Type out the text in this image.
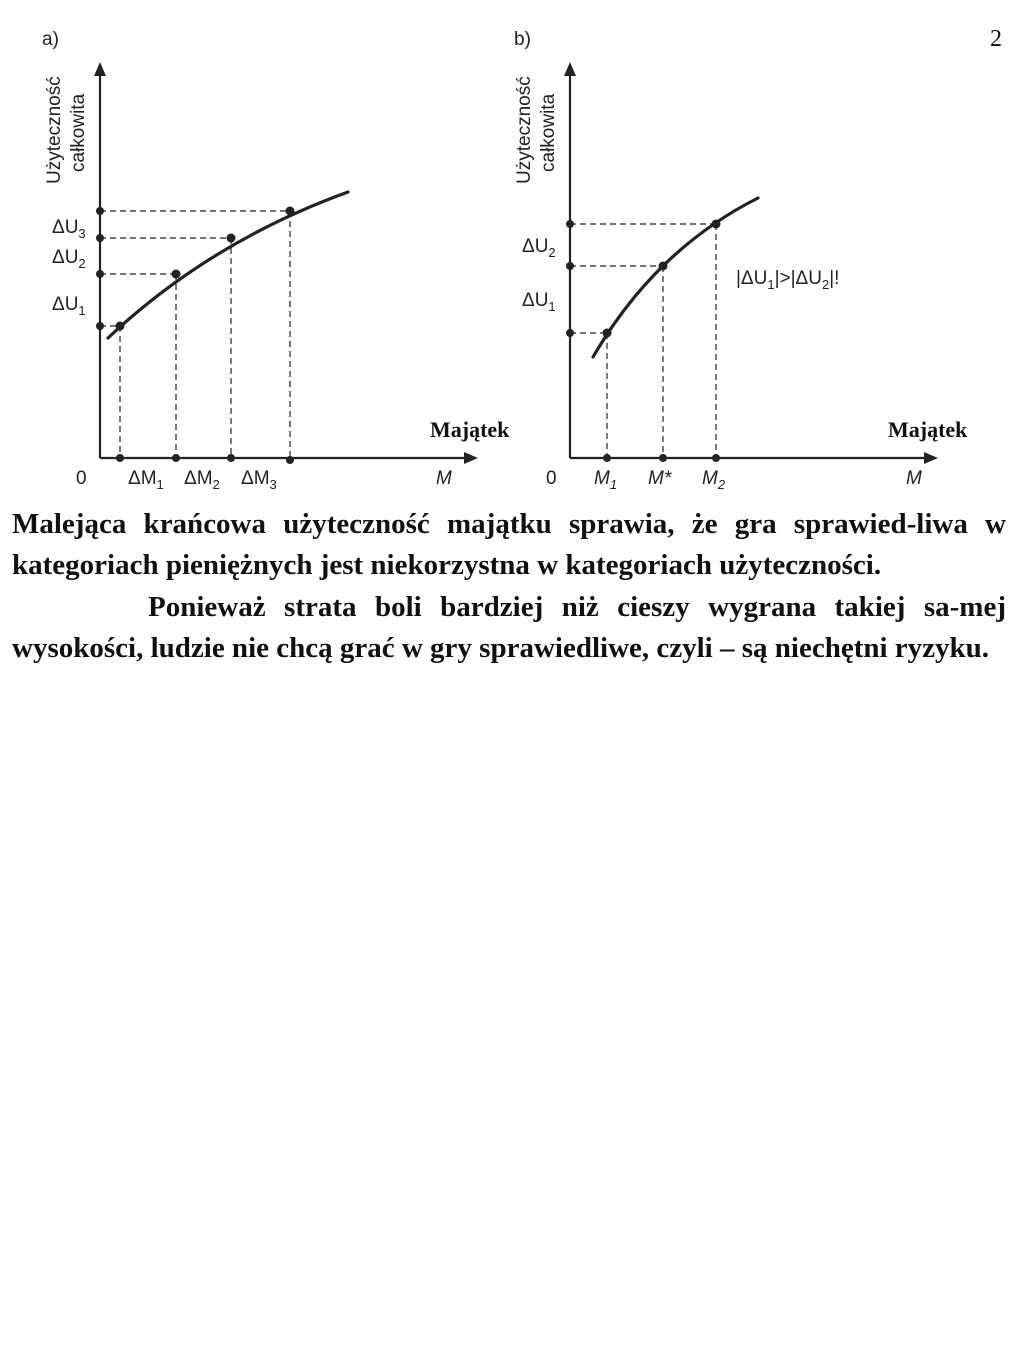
2
a)
Użyteczność całkowita
$\Delta U_3$
$\Delta U_2$
$\Delta U_1$
0 $\Delta M_1$ $\Delta M_2$ $\Delta M_3$	M
Majątek
b)
Użyteczność całkowita
$\Delta U_2$
$\Delta U_1$
$|\Delta U_1|>|\Delta U_2|$!
0 $M_1$ M* $M_2$	M
Majątek

Malejąca krańcowa użyteczność majątku sprawia, że gra sprawied-liwa w kategoriach pieniężnych jest niekorzystna w kategoriach użyteczności.

Ponieważ strata boli bardziej niż cieszy wygrana takiej sa-mej wysokości, ludzie nie chcą grać w gry sprawiedliwe, czyli – są niechętni ryzyku.
